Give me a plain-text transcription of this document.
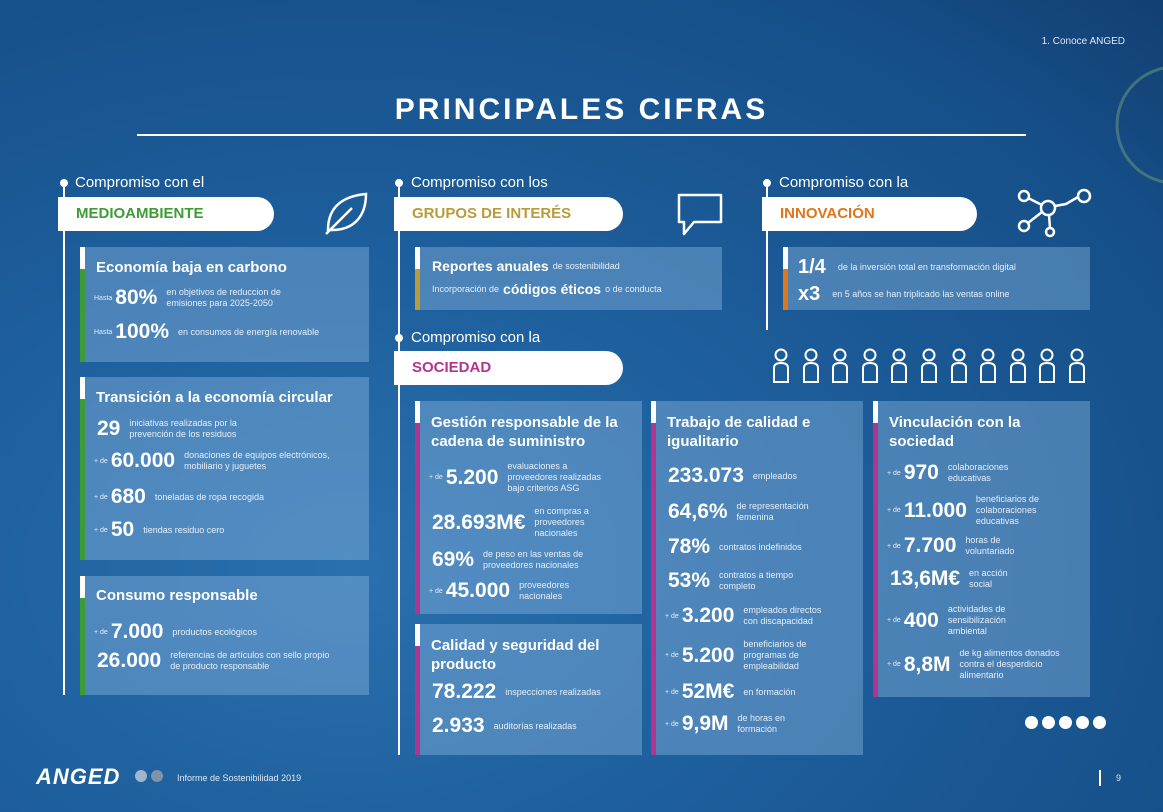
1. Conoce ANGED
PRINCIPALES CIFRAS
Compromiso con el
MEDIOAMBIENTE
Economía baja en carbono
Hasta 80% en objetivos de reduccion de emisiones para 2025-2050
Hasta 100% en consumos de energía renovable
Transición a la economía circular
29 iniciativas realizadas por la prevención de los residuos
+ de 60.000 donaciones de equipos electrónicos, mobiliario y juguetes
+ de 680 toneladas de ropa recogida
+ de 50 tiendas residuo cero
Consumo responsable
+ de 7.000 productos ecológicos
26.000 referencias de artículos con sello propio de producto responsable
Compromiso con los
GRUPOS DE INTERÉS
Reportes anuales de sostenibilidad
Incorporación de códigos éticos o de conducta
Compromiso con la
SOCIEDAD
Gestión responsable de la cadena de suministro
+ de 5.200 evaluaciones a proveedores realizadas bajo criterios ASG
28.693M€ en compras a proveedores nacionales
69% de peso en las ventas de proveedores nacionales
+ de 45.000 proveedores nacionales
Calidad y seguridad del producto
78.222 inspecciones realizadas
2.933 auditorías realizadas
Trabajo de calidad e igualitario
233.073 empleados
64,6% de representación femenina
78% contratos indefinidos
53% contratos a tiempo completo
+ de 3.200 empleados directos con discapacidad
+ de 5.200 beneficiarios de programas de empleabilidad
+ de 52M€ en formación
+ de 9,9M de horas en formación
Vinculación con la sociedad
+ de 970 colaboraciones educativas
+ de 11.000 beneficiarios de colaboraciones educativas
+ de 7.700 horas de voluntariado
13,6M€ en acción social
+ de 400 actividades de sensibilización ambiental
+ de 8,8M de kg alimentos donados contra el desperdicio alimentario
Compromiso con la
INNOVACIÓN
1/4 de la inversión total en transformación digital
x3 en 5 años se han triplicado las ventas online
ANGED	Informe de Sostenibilidad 2019	9
